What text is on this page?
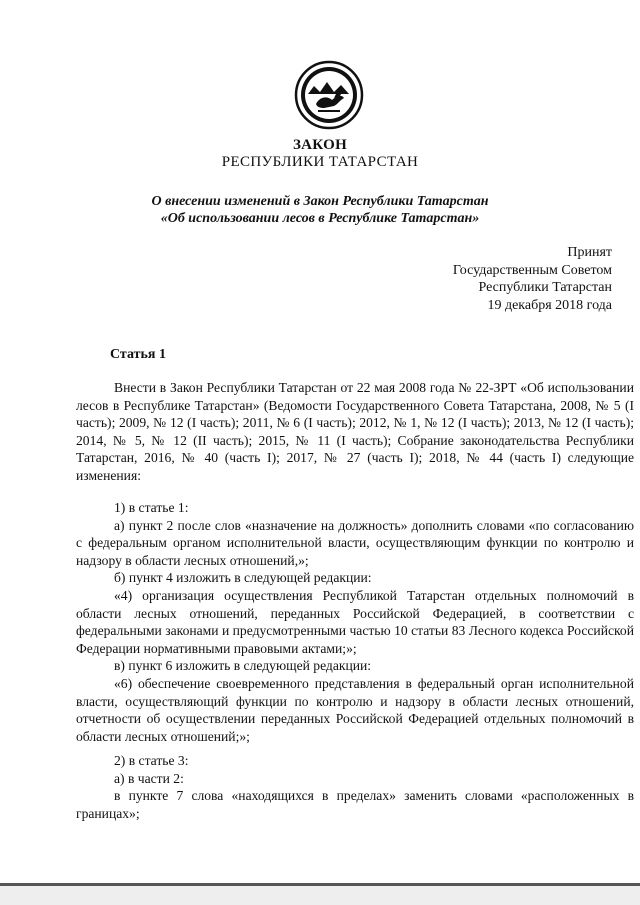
ЗАКОН
РЕСПУБЛИКИ ТАТАРСТАН
О внесении изменений в Закон Республики Татарстан
«Об использовании лесов в Республике Татарстан»
Принят
Государственным Советом
Республики Татарстан
19 декабря 2018 года
Статья 1

Внести в Закон Республики Татарстан от 22 мая 2008 года № 22-ЗРТ «Об использовании лесов в Республике Татарстан» (Ведомости Государственного Совета Татарстана, 2008, № 5 (I часть); 2009, № 12 (I часть); 2011, № 6 (I часть); 2012, № 1, № 12 (I часть); 2013, № 12 (I часть); 2014, № 5, № 12 (II часть); 2015, № 11 (I часть); Собрание законодательства Республики Татарстан, 2016, № 40 (часть I); 2017, № 27 (часть I); 2018, № 44 (часть I) следующие изменения:

1) в статье 1:

а) пункт 2 после слов «назначение на должность» дополнить словами «по согласованию с федеральным органом исполнительной власти, осуществляющим функции по контролю и надзору в области лесных отношений,»;

б) пункт 4 изложить в следующей редакции:

«4) организация осуществления Республикой Татарстан отдельных полномочий в области лесных отношений, переданных Российской Федерацией, в соответствии с федеральными законами и предусмотренными частью 10 статьи 83 Лесного кодекса Российской Федерации нормативными правовыми актами;»;

в) пункт 6 изложить в следующей редакции:

«6) обеспечение своевременного представления в федеральный орган исполнительной власти, осуществляющий функции по контролю и надзору в области лесных отношений, отчетности об осуществлении переданных Российской Федерацией отдельных полномочий в области лесных отношений;»;

2) в статье 3:

а) в части 2:

в пункте 7 слова «находящихся в пределах» заменить словами «расположенных в границах»;
